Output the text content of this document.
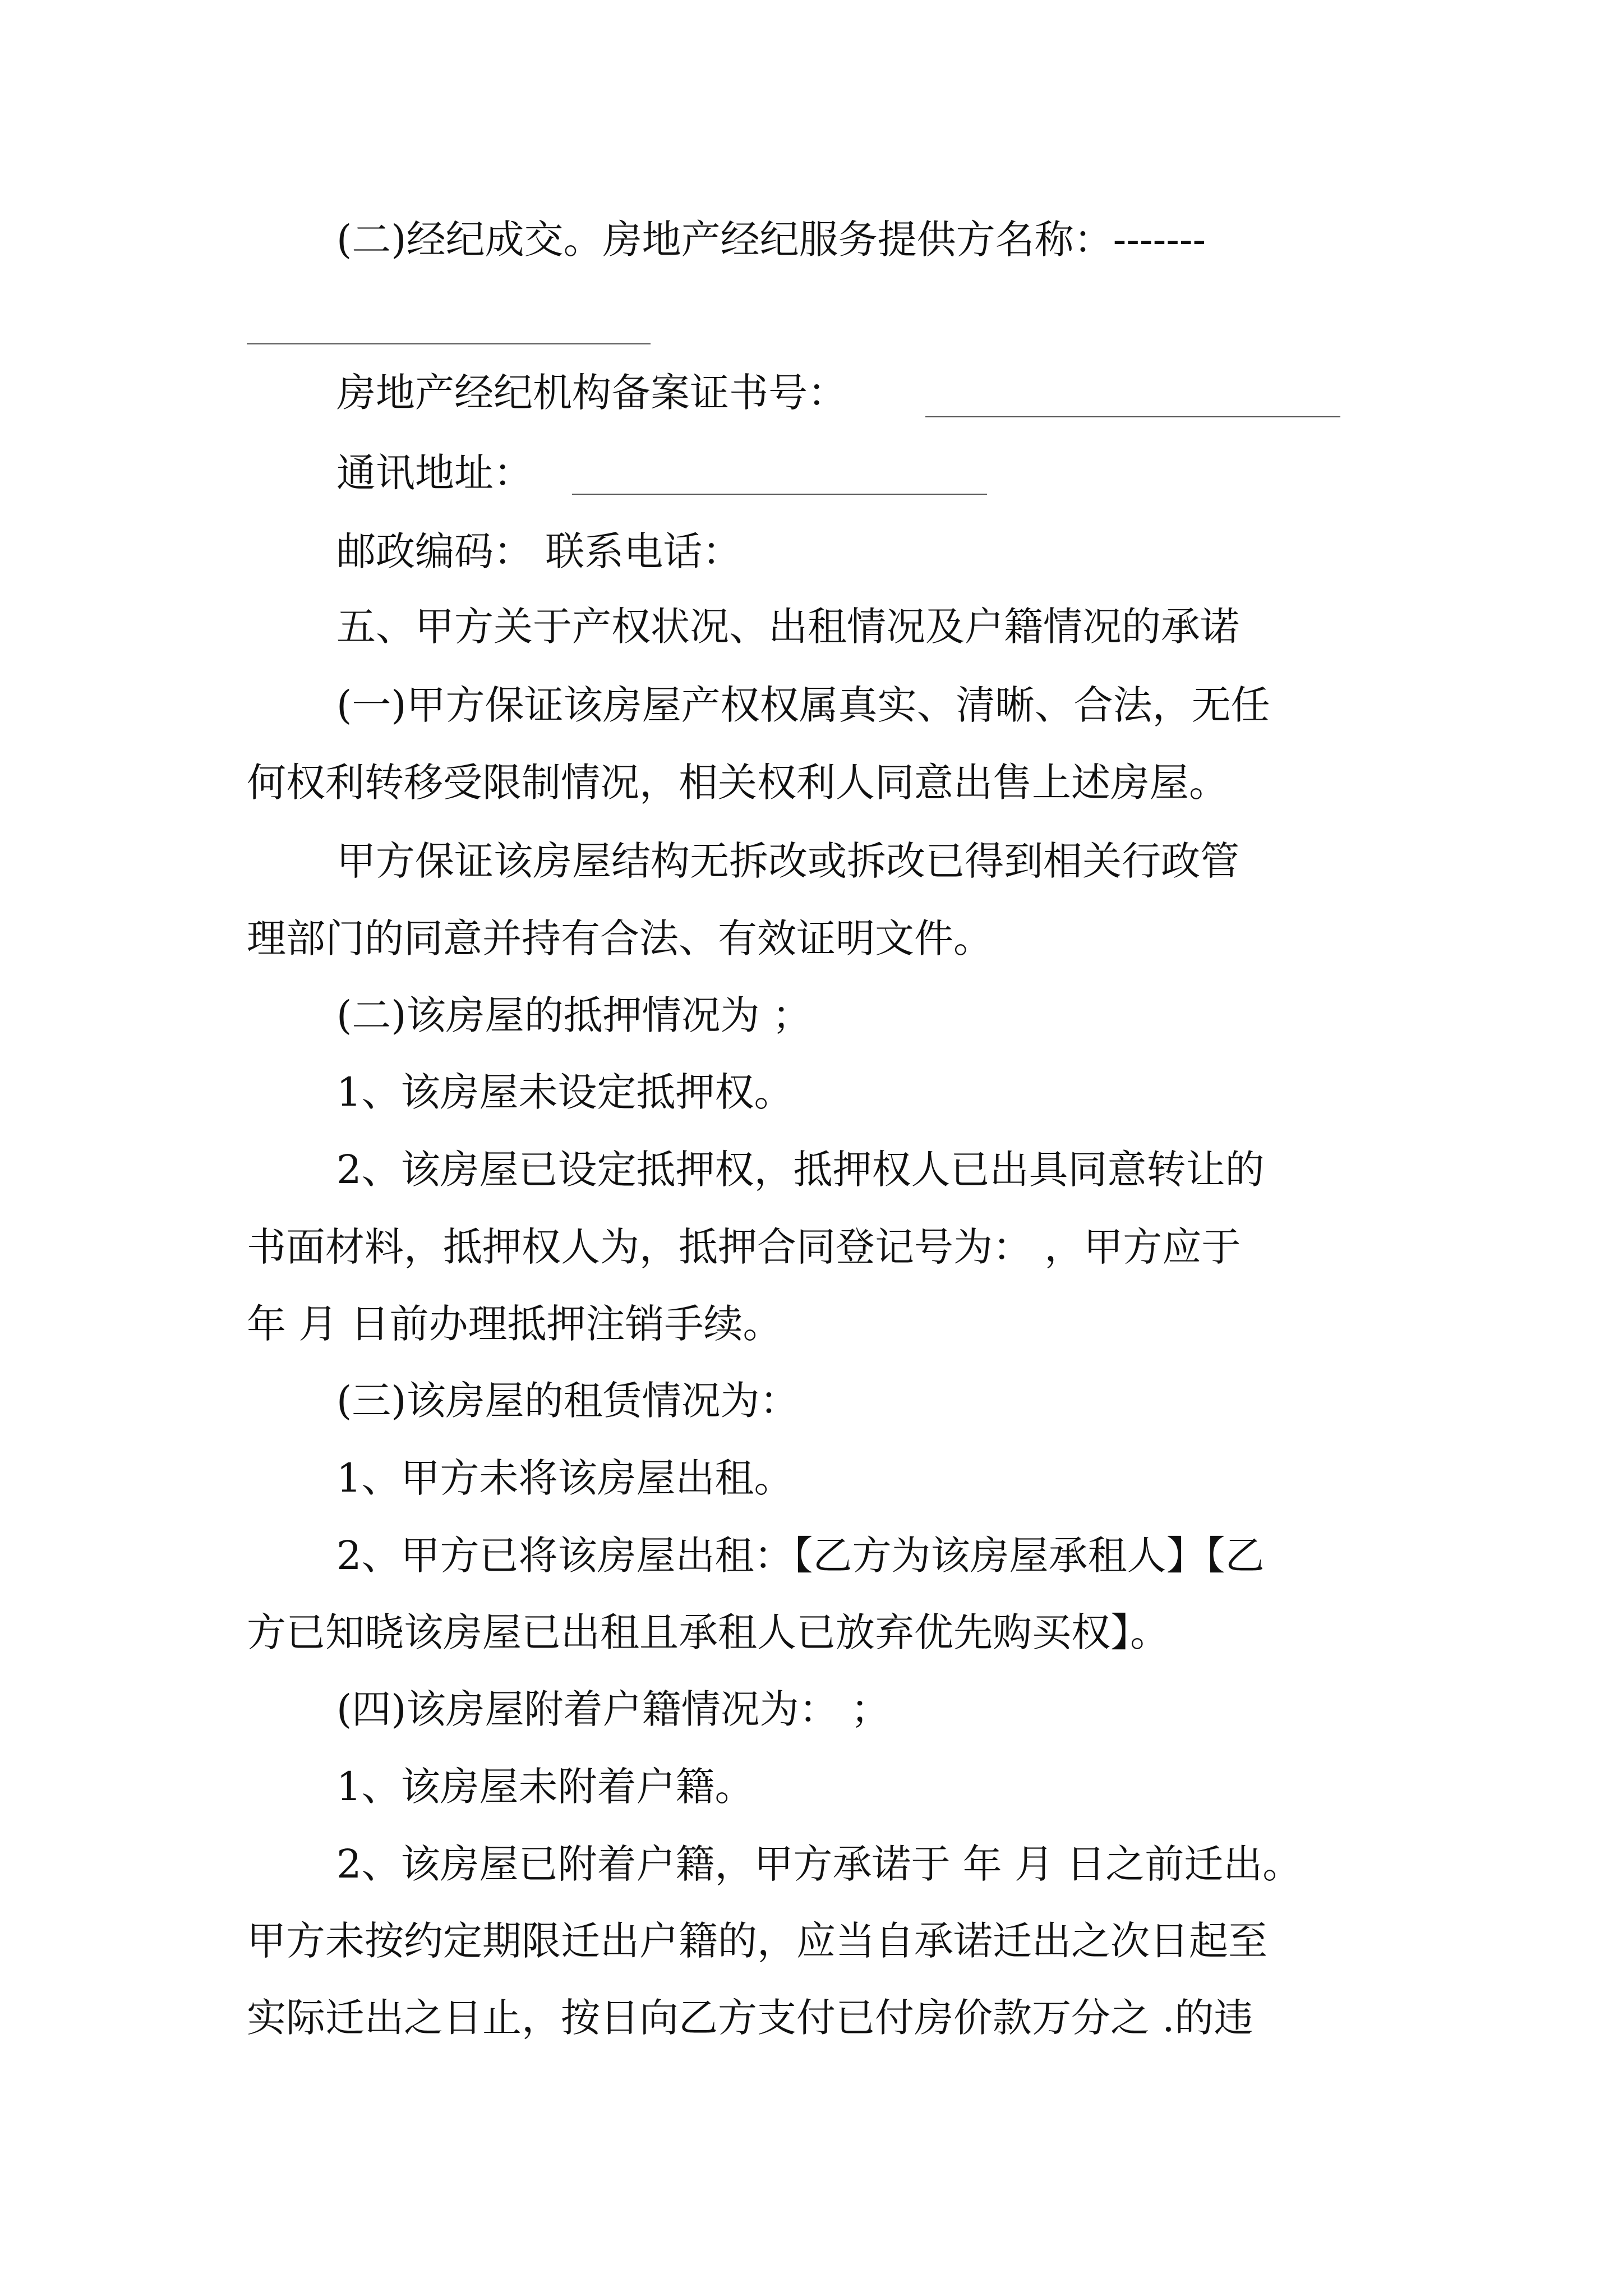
(二)经纪成交。房地产经纪服务提供方名称：-------
房地产经纪机构备案证书号：
通讯地址：
邮政编码： 联系电话：
五、甲方关于产权状况、出租情况及户籍情况的承诺
(一)甲方保证该房屋产权权属真实、清晰、合法，无任
何权利转移受限制情况，相关权利人同意出售上述房屋。
甲方保证该房屋结构无拆改或拆改已得到相关行政管
理部门的同意并持有合法、有效证明文件。
(二)该房屋的抵押情况为 ；
1、该房屋未设定抵押权。
2、该房屋已设定抵押权，抵押权人已出具同意转让的
书面材料，抵押权人为，抵押合同登记号为： ，甲方应于
年 月 日前办理抵押注销手续。
(三)该房屋的租赁情况为：
1、甲方未将该房屋出租。
2、甲方已将该房屋出租：【乙方为该房屋承租人】【乙
方已知晓该房屋已出租且承租人已放弃优先购买权】。
(四)该房屋附着户籍情况为： ；
1、该房屋未附着户籍。
2、该房屋已附着户籍，甲方承诺于 年 月 日之前迁出。
甲方未按约定期限迁出户籍的，应当自承诺迁出之次日起至
实际迁出之日止，按日向乙方支付已付房价款万分之 .的违
